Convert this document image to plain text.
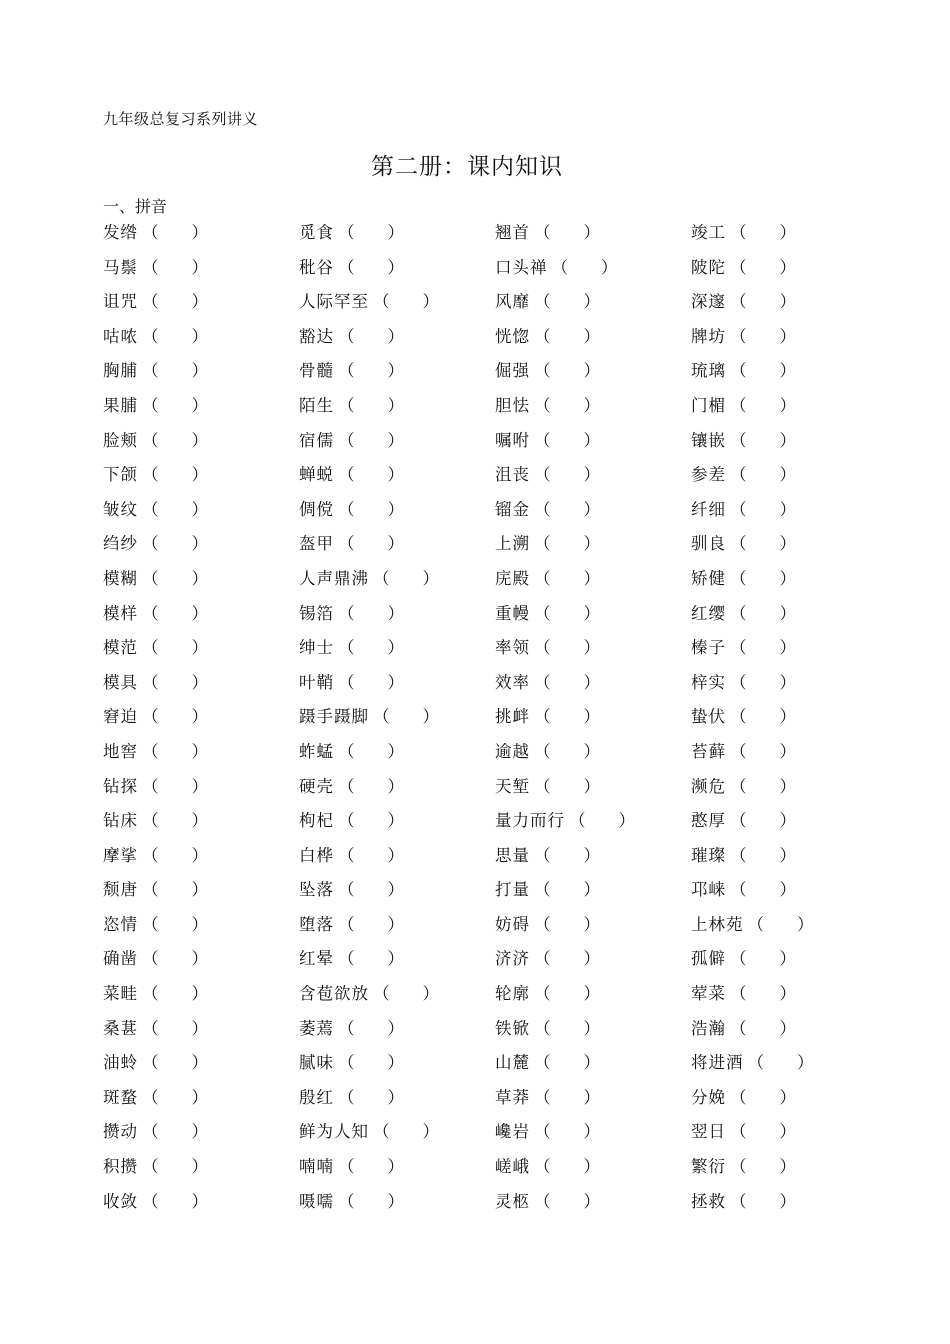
九年级总复习系列讲义
第二册：课内知识
一、拼音
发绺 （   ）	觅食 （   ）	翘首 （   ）	竣工（   ）
马鬃 （   ）	秕谷 （   ）	口头禅 （   ）	陂陀（   ）
诅咒 （   ）	人际罕至 （   ）	风靡 （   ）	深邃（   ）
咕哝 （   ）	豁达 （   ）	恍惚 （   ）	牌坊（   ）
胸脯 （   ）	骨髓 （   ）	倔强 （   ）	琉璃（   ）
果脯 （   ）	陌生 （   ）	胆怯 （   ）	门楣（   ）
脸颊 （   ）	宿儒 （   ）	嘱咐 （   ）	镶嵌（   ）
下颌 （   ）	蝉蜕 （   ）	沮丧 （   ）	参差（   ）
皱纹 （   ）	倜傥 （   ）	镏金 （   ）	纤细（   ）
绉纱 （   ）	盔甲 （   ）	上溯 （   ）	驯良（   ）
模糊 （   ）	人声鼎沸 （   ）	庑殿 （   ）	矫健（   ）
模样 （   ）	锡箔 （   ）	重幔 （   ）	红缨（   ）
模范 （   ）	绅士 （   ）	率领 （   ）	榛子（   ）
模具 （   ）	叶鞘 （   ）	效率 （   ）	梓实（   ）
窘迫 （   ）	蹑手蹑脚 （   ）	挑衅 （   ）	蛰伏（   ）
地窖 （   ）	蚱蜢 （   ）	逾越 （   ）	苔藓（   ）
钻探 （   ）	硬壳 （   ）	天堑 （   ）	濒危（   ）
钻床 （   ）	枸杞 （   ）	量力而行 （   ）	憨厚（   ）
摩挲 （   ）	白桦 （   ）	思量 （   ）	璀璨（   ）
颓唐 （   ）	坠落 （   ）	打量 （   ）	邛崃（   ）
恣情 （   ）	堕落 （   ）	妨碍 （   ）	上林苑（   ）
确凿 （   ）	红晕 （   ）	济济 （   ）	孤僻（   ）
菜畦 （   ）	含苞欲放 （   ）	轮廓 （   ）	荤菜（   ）
桑葚 （   ）	萎蔫 （   ）	铁锨 （   ）	浩瀚（   ）
油蛉 （   ）	腻味 （   ）	山麓 （   ）	将进酒（   ）
斑蝥 （   ）	殷红 （   ）	草莽 （   ）	分娩（   ）
攒动 （   ）	鲜为人知 （   ）	巉岩 （   ）	翌日（   ）
积攒 （   ）	喃喃 （   ）	嵯峨 （   ）	繁衍（   ）
收敛 （   ）	嗫嚅 （   ）	灵柩 （   ）	拯救（   ）
